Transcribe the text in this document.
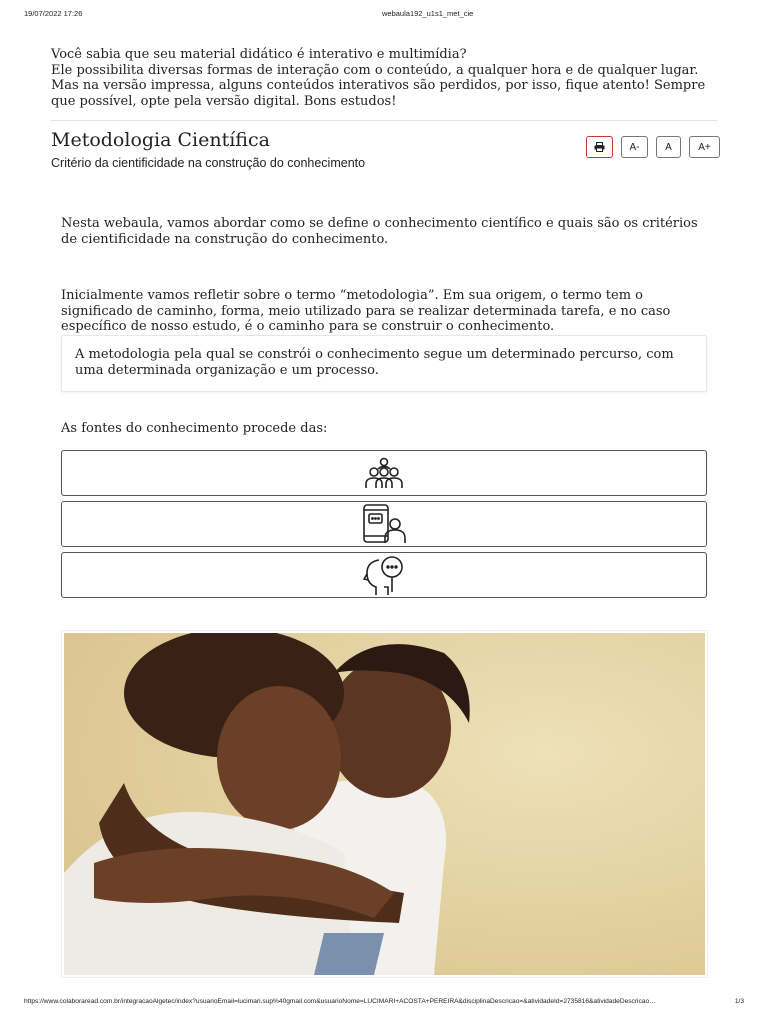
19/07/2022 17:26	webaula192_u1s1_met_cie

Você sabia que seu material didático é interativo e multimídia?

Ele possibilita diversas formas de interação com o conteúdo, a qualquer hora e de qualquer lugar. Mas na versão impressa, alguns conteúdos interativos são perdidos, por isso, fique atento! Sempre que possível, opte pela versão digital. Bons estudos!

Metodologia Científica
Critério da cientificidade na construção do conhecimento
A-	A	A+
Nesta webaula, vamos abordar como se define o conhecimento científico e quais são os critérios de cientificidade na construção do conhecimento.
Inicialmente vamos refletir sobre o termo “metodologia”. Em sua origem, o termo tem o significado de caminho, forma, meio utilizado para se realizar determinada tarefa, e no caso específico de nosso estudo, é o caminho para se construir o conhecimento.
A metodologia pela qual se constrói o conhecimento segue um determinado percurso, com uma determinada organização e um processo.
As fontes do conhecimento procede das:
https://www.colaboraread.com.br/integracaoAlgetec/index?usuarioEmail=lucimari.sup%40gmail.com&usuarioNome=LUCIMARI+ACOSTA+PEREIRA&disciplinaDescricao=&atividadeId=2735816&atividadeDescricao…	1/3
